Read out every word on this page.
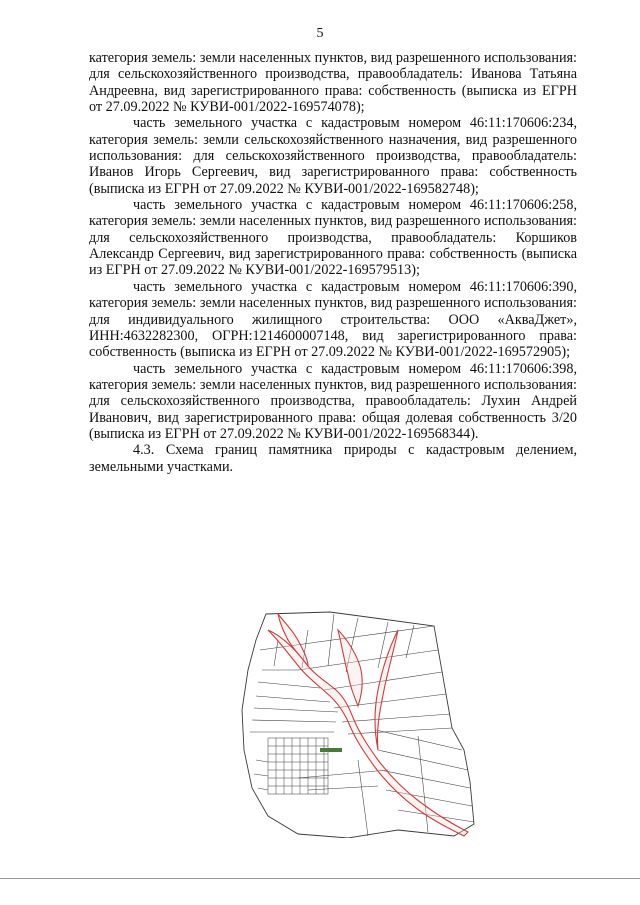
5

категория земель: земли населенных пунктов, вид разрешенного использования: для сельскохозяйственного производства, правообладатель: Иванова Татьяна Андреевна, вид зарегистрированного права: собственность (выписка из ЕГРН от 27.09.2022 № КУВИ-001/2022-169574078);

часть земельного участка с кадастровым номером 46:11:170606:234, категория земель: земли сельскохозяйственного назначения, вид разрешенного использования: для сельскохозяйственного производства, правообладатель: Иванов Игорь Сергеевич, вид зарегистрированного права: собственность (выписка из ЕГРН от 27.09.2022 № КУВИ-001/2022-169582748);

часть земельного участка с кадастровым номером 46:11:170606:258, категория земель: земли населенных пунктов, вид разрешенного использования: для сельскохозяйственного производства, правообладатель: Коршиков Александр Сергеевич, вид зарегистрированного права: собственность (выписка из ЕГРН от 27.09.2022 № КУВИ-001/2022-169579513);

часть земельного участка с кадастровым номером 46:11:170606:390, категория земель: земли населенных пунктов, вид разрешенного использования: для индивидуального жилищного строительства: ООО «АкваДжет», ИНН:4632282300, ОГРН:1214600007148, вид зарегистрированного права: собственность (выписка из ЕГРН от 27.09.2022 № КУВИ-001/2022-169572905);

часть земельного участка с кадастровым номером 46:11:170606:398, категория земель: земли населенных пунктов, вид разрешенного использования: для сельскохозяйственного производства, правообладатель: Лухин Андрей Иванович, вид зарегистрированного права: общая долевая собственность 3/20 (выписка из ЕГРН от 27.09.2022 № КУВИ-001/2022-169568344).

4.3. Схема границ памятника природы с кадастровым делением, земельными участками.
